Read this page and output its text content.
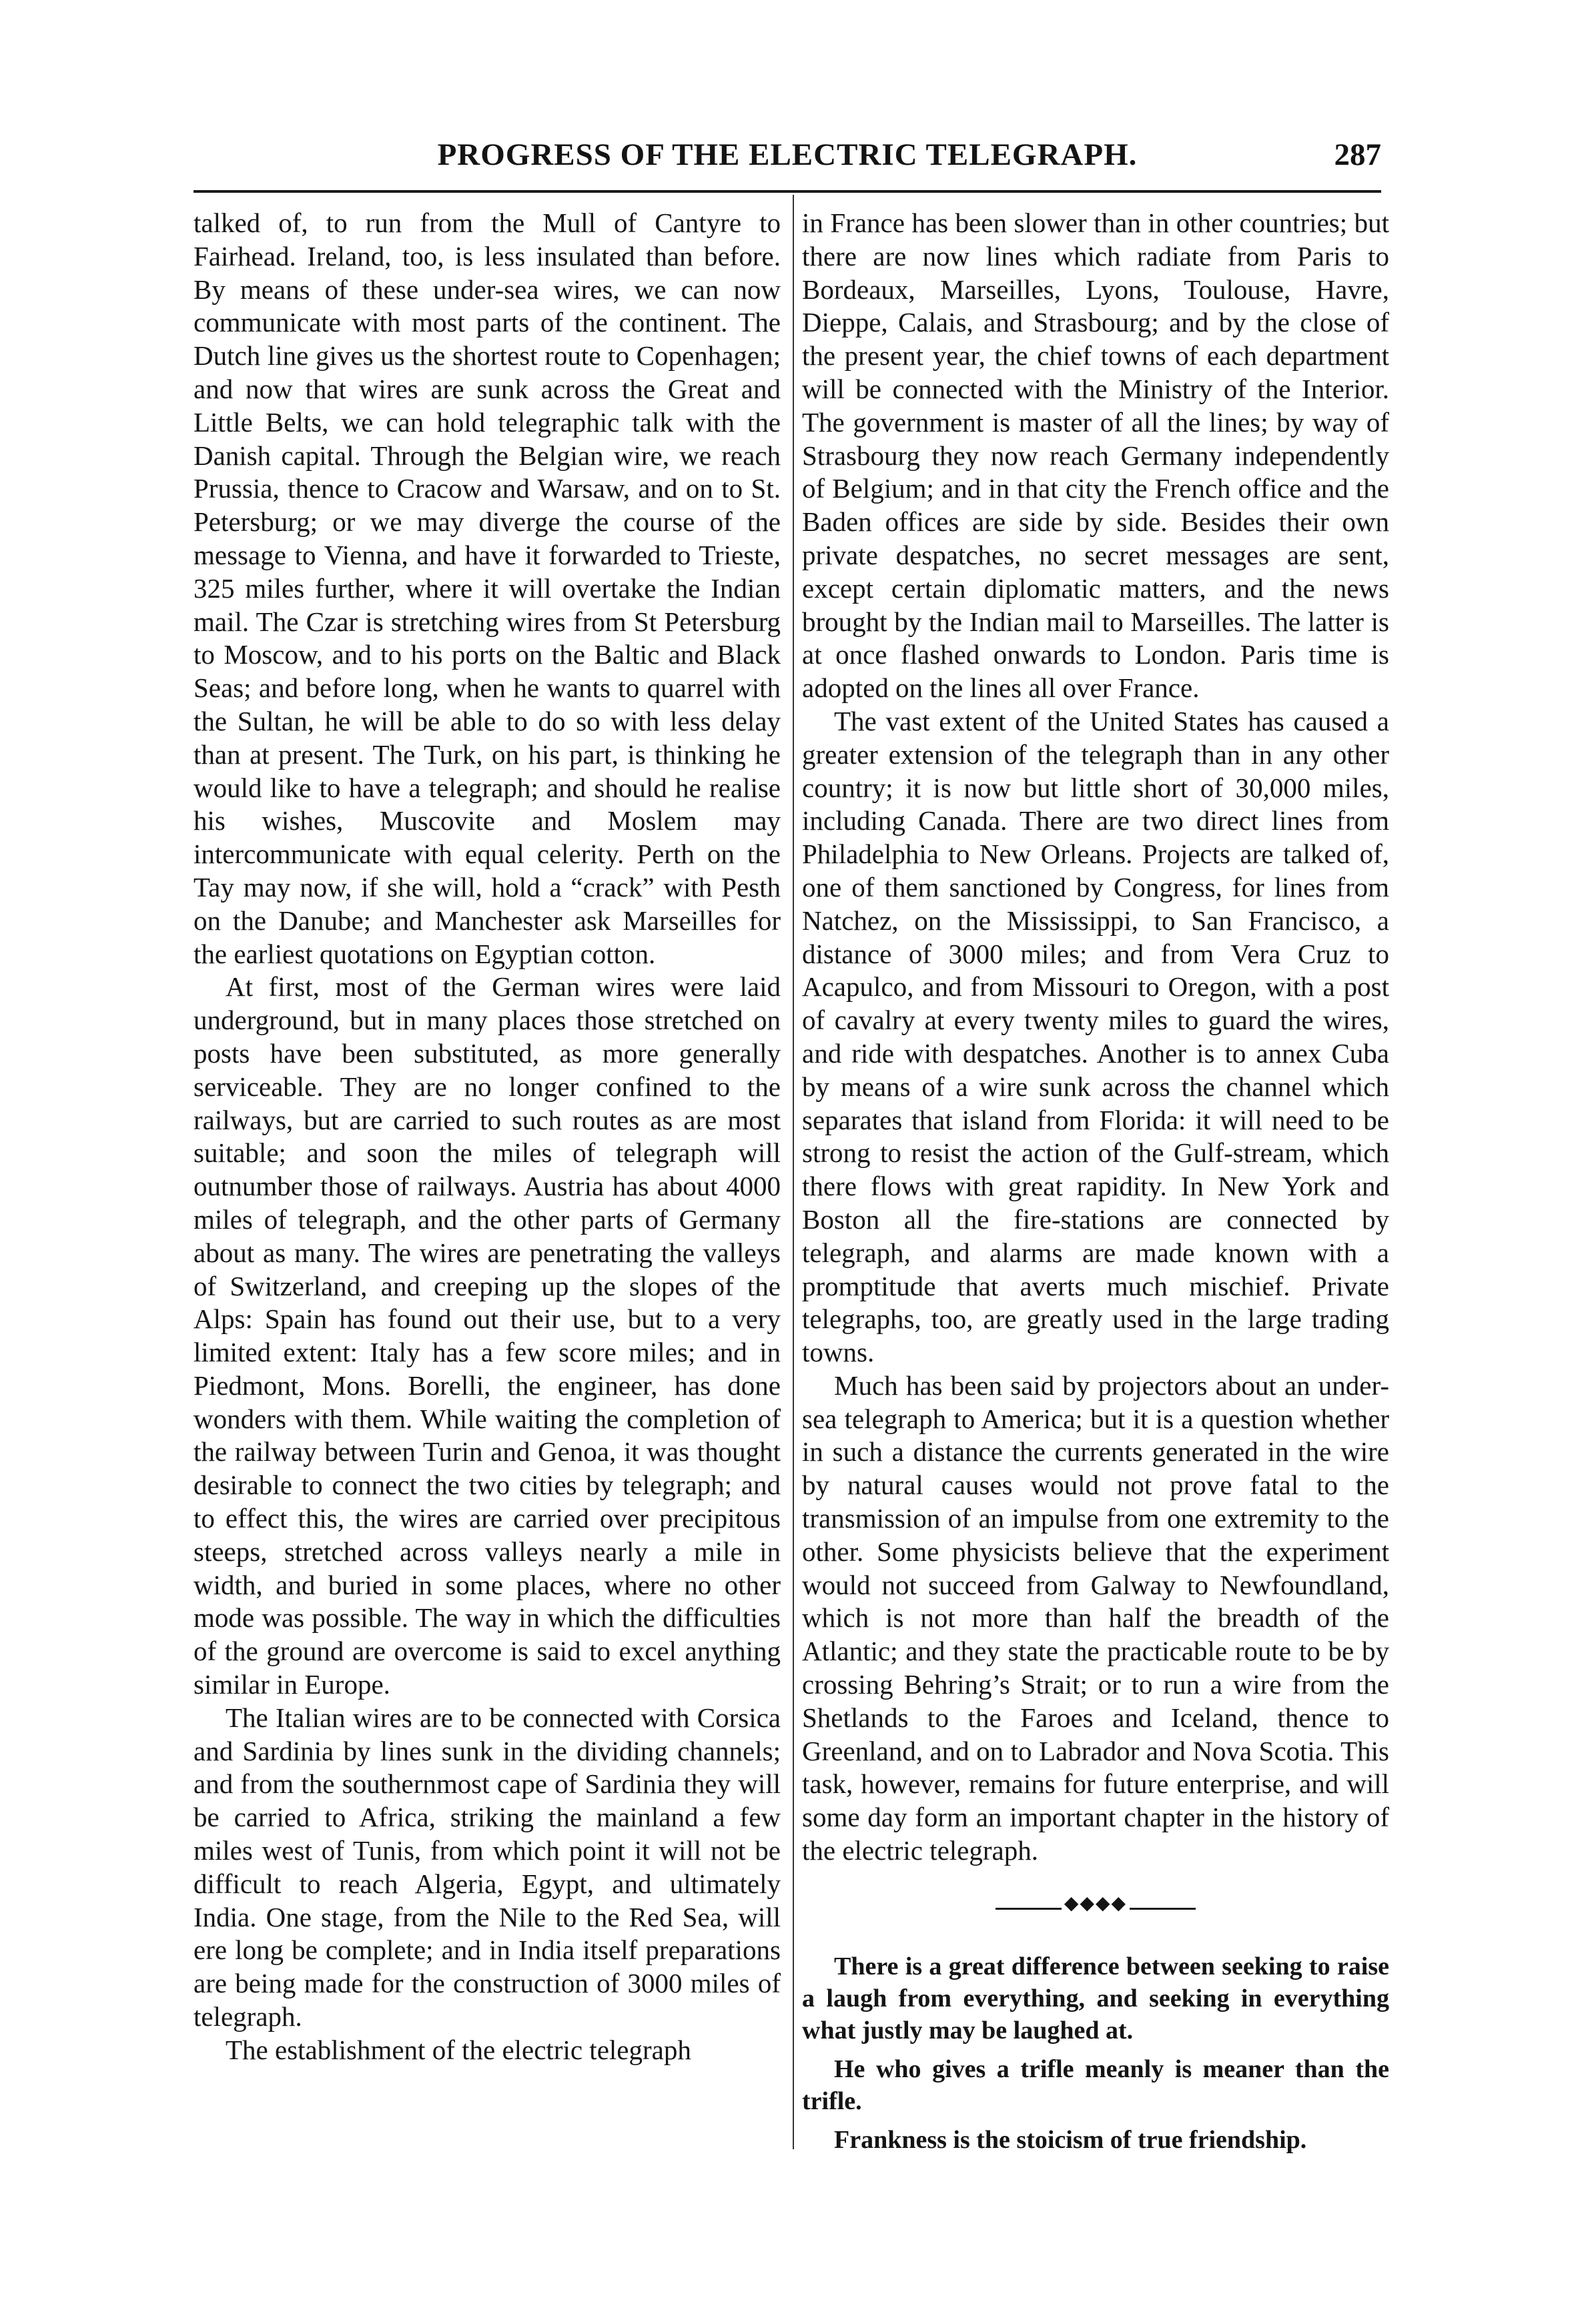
PROGRESS OF THE ELECTRIC TELEGRAPH.	287

talked of, to run from the Mull of Cantyre to Fairhead. Ireland, too, is less insulated than before. By means of these under-sea wires, we can now communicate with most parts of the continent. The Dutch line gives us the shortest route to Copenhagen; and now that wires are sunk across the Great and Little Belts, we can hold telegraphic talk with the Danish capital. Through the Belgian wire, we reach Prussia, thence to Cracow and Warsaw, and on to St. Petersburg; or we may diverge the course of the message to Vienna, and have it forwarded to Trieste, 325 miles further, where it will overtake the Indian mail. The Czar is stretching wires from St Petersburg to Moscow, and to his ports on the Baltic and Black Seas; and before long, when he wants to quarrel with the Sultan, he will be able to do so with less delay than at present. The Turk, on his part, is thinking he would like to have a telegraph; and should he realise his wishes, Muscovite and Moslem may intercommunicate with equal celerity. Perth on the Tay may now, if she will, hold a “crack” with Pesth on the Danube; and Manchester ask Marseilles for the earliest quotations on Egyptian cotton.

At first, most of the German wires were laid underground, but in many places those stretched on posts have been substituted, as more generally serviceable. They are no longer confined to the railways, but are carried to such routes as are most suitable; and soon the miles of telegraph will outnumber those of railways. Austria has about 4000 miles of telegraph, and the other parts of Germany about as many. The wires are penetrating the valleys of Switzerland, and creeping up the slopes of the Alps: Spain has found out their use, but to a very limited extent: Italy has a few score miles; and in Piedmont, Mons. Borelli, the engineer, has done wonders with them. While waiting the completion of the railway between Turin and Genoa, it was thought desirable to connect the two cities by telegraph; and to effect this, the wires are carried over precipitous steeps, stretched across valleys nearly a mile in width, and buried in some places, where no other mode was possible. The way in which the difficulties of the ground are overcome is said to excel anything similar in Europe.

The Italian wires are to be connected with Corsica and Sardinia by lines sunk in the dividing channels; and from the southernmost cape of Sardinia they will be carried to Africa, striking the mainland a few miles west of Tunis, from which point it will not be difficult to reach Algeria, Egypt, and ultimately India. One stage, from the Nile to the Red Sea, will ere long be complete; and in India itself preparations are being made for the construction of 3000 miles of telegraph.

The establishment of the electric telegraph

in France has been slower than in other countries; but there are now lines which radiate from Paris to Bordeaux, Marseilles, Lyons, Toulouse, Havre, Dieppe, Calais, and Strasbourg; and by the close of the present year, the chief towns of each department will be connected with the Ministry of the Interior. The government is master of all the lines; by way of Strasbourg they now reach Germany independently of Belgium; and in that city the French office and the Baden offices are side by side. Besides their own private despatches, no secret messages are sent, except certain diplomatic matters, and the news brought by the Indian mail to Marseilles. The latter is at once flashed onwards to London. Paris time is adopted on the lines all over France.

The vast extent of the United States has caused a greater extension of the telegraph than in any other country; it is now but little short of 30,000 miles, including Canada. There are two direct lines from Philadelphia to New Orleans. Projects are talked of, one of them sanctioned by Congress, for lines from Natchez, on the Mississippi, to San Francisco, a distance of 3000 miles; and from Vera Cruz to Acapulco, and from Missouri to Oregon, with a post of cavalry at every twenty miles to guard the wires, and ride with despatches. Another is to annex Cuba by means of a wire sunk across the channel which separates that island from Florida: it will need to be strong to resist the action of the Gulf-stream, which there flows with great rapidity. In New York and Boston all the fire-stations are connected by telegraph, and alarms are made known with a promptitude that averts much mischief. Private telegraphs, too, are greatly used in the large trading towns.

Much has been said by projectors about an under-sea telegraph to America; but it is a question whether in such a distance the currents generated in the wire by natural causes would not prove fatal to the transmission of an impulse from one extremity to the other. Some physicists believe that the experiment would not succeed from Galway to Newfoundland, which is not more than half the breadth of the Atlantic; and they state the practicable route to be by crossing Behring’s Strait; or to run a wire from the Shetlands to the Faroes and Iceland, thence to Greenland, and on to Labrador and Nova Scotia. This task, however, remains for future enterprise, and will some day form an important chapter in the history of the electric telegraph.

◆◆◆◆

There is a great difference between seeking to raise a laugh from everything, and seeking in everything what justly may be laughed at.

He who gives a trifle meanly is meaner than the trifle.

Frankness is the stoicism of true friendship.
